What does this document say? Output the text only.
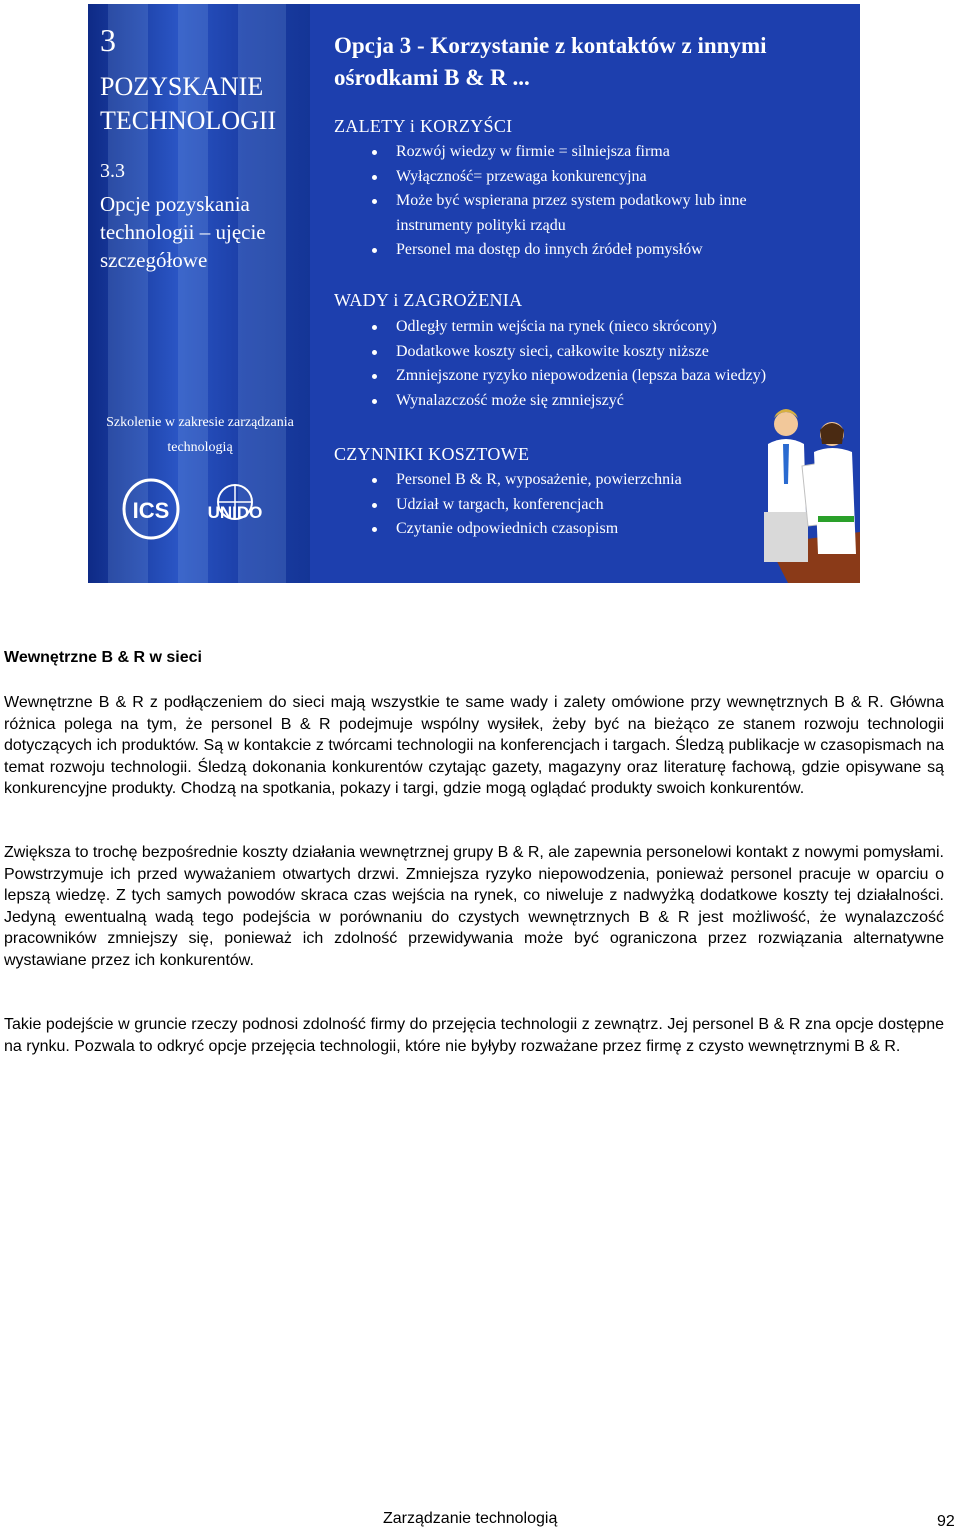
3
POZYSKANIE TECHNOLOGII
3.3
Opcje pozyskania technologii – ujęcie szczegółowe
Szkolenie w zakresie zarządzania technologią
ICS UNIDO
Opcja 3 - Korzystanie z kontaktów z innymi ośrodkami B & R ...
ZALETY i KORZYŚCI
Rozwój wiedzy w firmie = silniejsza firma
Wyłączność= przewaga konkurencyjna
Może być wspierana przez system podatkowy lub inne instrumenty polityki rządu
Personel ma dostęp do innych źródeł pomysłów
WADY i ZAGROŻENIA
Odległy termin wejścia na rynek (nieco skrócony)
Dodatkowe koszty sieci, całkowite koszty niższe
Zmniejszone ryzyko niepowodzenia (lepsza baza wiedzy)
Wynalazczość może się zmniejszyć
CZYNNIKI KOSZTOWE
Personel B & R, wyposażenie, powierzchnia
Udział w targach, konferencjach
Czytanie odpowiednich czasopism
Wewnętrzne B & R w sieci

Wewnętrzne B & R z podłączeniem do sieci mają wszystkie te same wady i zalety omówione przy wewnętrznych B & R. Główna różnica polega na tym, że personel B & R podejmuje wspólny wysiłek, żeby być na bieżąco ze stanem rozwoju technologii dotyczących ich produktów. Są w kontakcie z twórcami technologii na konferencjach i targach. Śledzą publikacje w czasopismach na temat rozwoju technologii. Śledzą dokonania konkurentów czytając gazety, magazyny oraz literaturę fachową, gdzie opisywane są konkurencyjne produkty. Chodzą na spotkania, pokazy i targi, gdzie mogą oglądać produkty swoich konkurentów.

Zwiększa to trochę bezpośrednie koszty działania wewnętrznej grupy B & R, ale zapewnia personelowi kontakt z nowymi pomysłami. Powstrzymuje ich przed wyważaniem otwartych drzwi. Zmniejsza ryzyko niepowodzenia, ponieważ personel pracuje w oparciu o lepszą wiedzę. Z tych samych powodów skraca czas wejścia na rynek, co niweluje z nadwyżką dodatkowe koszty tej działalności. Jedyną ewentualną wadą tego podejścia w porównaniu do czystych wewnętrznych B & R jest możliwość, że wynalazczość pracowników zmniejszy się, ponieważ ich zdolność przewidywania może być ograniczona przez rozwiązania alternatywne wystawiane przez ich konkurentów.

Takie podejście w gruncie rzeczy podnosi zdolność firmy do przejęcia technologii z zewnątrz. Jej personel B & R zna opcje dostępne na rynku. Pozwala to odkryć opcje przejęcia technologii, które nie byłyby rozważane przez firmę z czysto wewnętrznymi B & R.

Zarządzanie technologią	92
